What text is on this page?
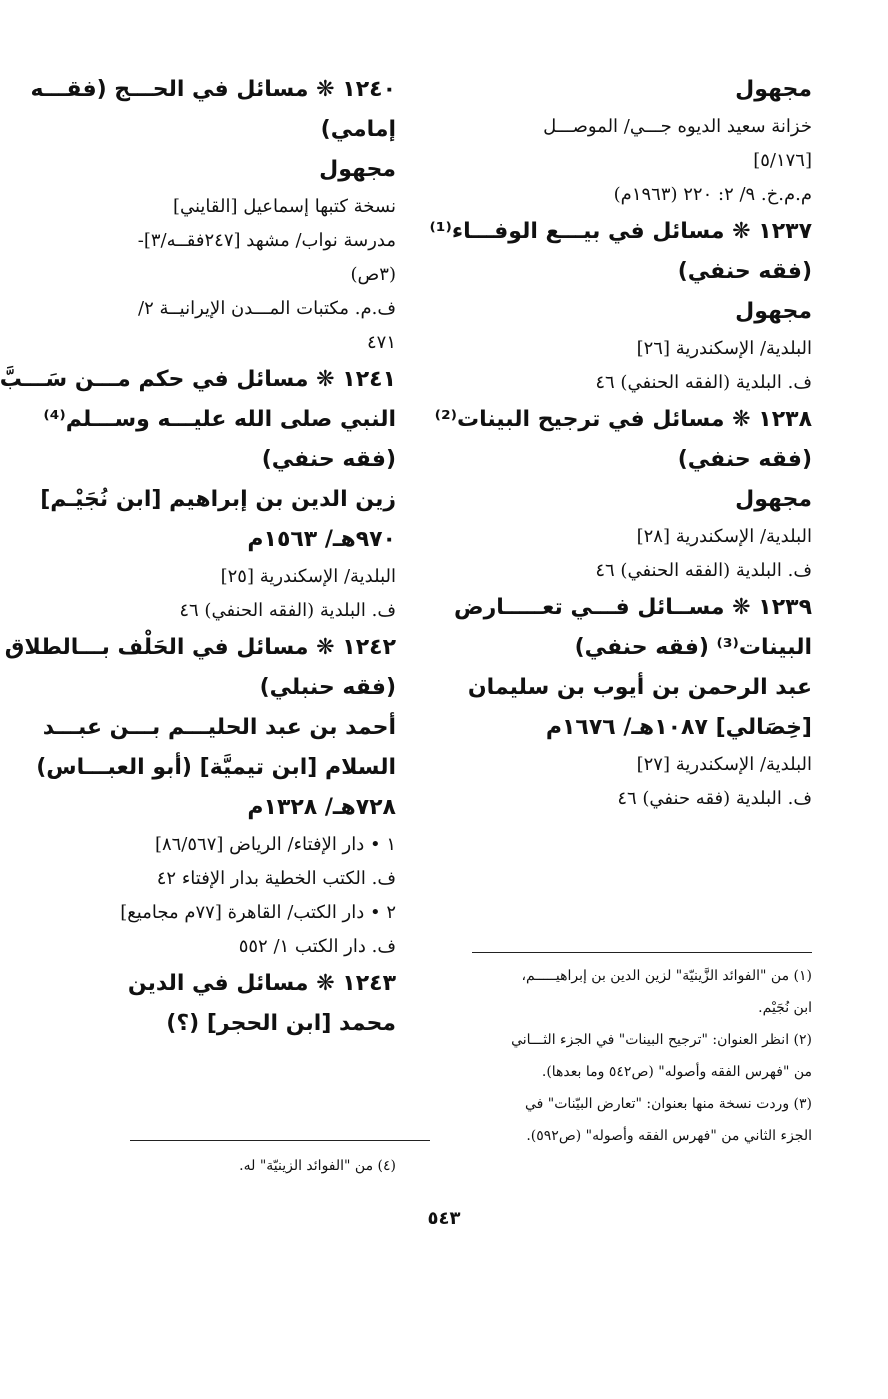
مجهول
خزانة سعيد الديوه جـــي/ الموصـــل
[٥/١٧٦]
م.م.خ. ٩/ ٢: ٢٢٠ (١٩٦٣م)
١٢٣٧ ❋ مسائل في بيـــع الوفـــاء⁽¹⁾
(فقه حنفي)
مجهول
البلدية/ الإسكندرية [٢٦]
ف. البلدية (الفقه الحنفي) ٤٦
١٢٣٨ ❋ مسائل في ترجيح البينات⁽²⁾
(فقه حنفي)
مجهول
البلدية/ الإسكندرية [٢٨]
ف. البلدية (الفقه الحنفي) ٤٦
١٢٣٩ ❋ مســائل فـــي تعـــــارض
البينات⁽³⁾ (فقه حنفي)
عبد الرحمن بن أيوب بن سليمان
[خِصَالي] ١٠٨٧هـ/ ١٦٧٦م
البلدية/ الإسكندرية [٢٧]
ف. البلدية (فقه حنفي) ٤٦
١٢٤٠ ❋ مسائل في الحـــج (فقـــه
إمامي)
مجهول
نسخة كتبها إسماعيل [القايني]
مدرسة نواب/ مشهد [٢٤٧فقــه/٣]-
(٣ص)
ف.م. مكتبات المـــدن الإيرانيــة ٢/
٤٧١
١٢٤١ ❋ مسائل في حكم مـــن سَـــبَّ
النبي صلى الله عليـــه وســـلم⁽⁴⁾
(فقه حنفي)
زين الدين بن إبراهيم [ابن نُجَيْـم]
٩٧٠هـ/ ١٥٦٣م
البلدية/ الإسكندرية [٢٥]
ف. البلدية (الفقه الحنفي) ٤٦
١٢٤٢ ❋ مسائل في الحَلْف بـــالطلاق
(فقه حنبلي)
أحمد بن عبد الحليـــم بـــن عبـــد
السلام [ابن تيميَّة] (أبو العبـــاس)
٧٢٨هـ/ ١٣٢٨م
١ • دار الإفتاء/ الرياض [٨٦/٥٦٧]
ف. الكتب الخطية بدار الإفتاء ٤٢
٢ • دار الكتب/ القاهرة [٧٧م مجاميع]
ف. دار الكتب ١/ ٥٥٢
١٢٤٣ ❋ مسائل في الدين
محمد [ابن الحجر] (؟)
(١) من "الفوائد الزَّينيّة" لزين الدين بن إبراهيـــــم،
ابن نُجَيْم.
(٢) انظر العنوان: "ترجيح البينات" في الجزء الثـــاني
من "فهرس الفقه وأصوله" (ص٥٤٢ وما بعدها).
(٣) وردت نسخة منها بعنوان: "تعارض البيّنات" في
الجزء الثاني من "فهرس الفقه وأصوله" (ص٥٩٢).
(٤) من "الفوائد الزينيّة" له.
٥٤٣
